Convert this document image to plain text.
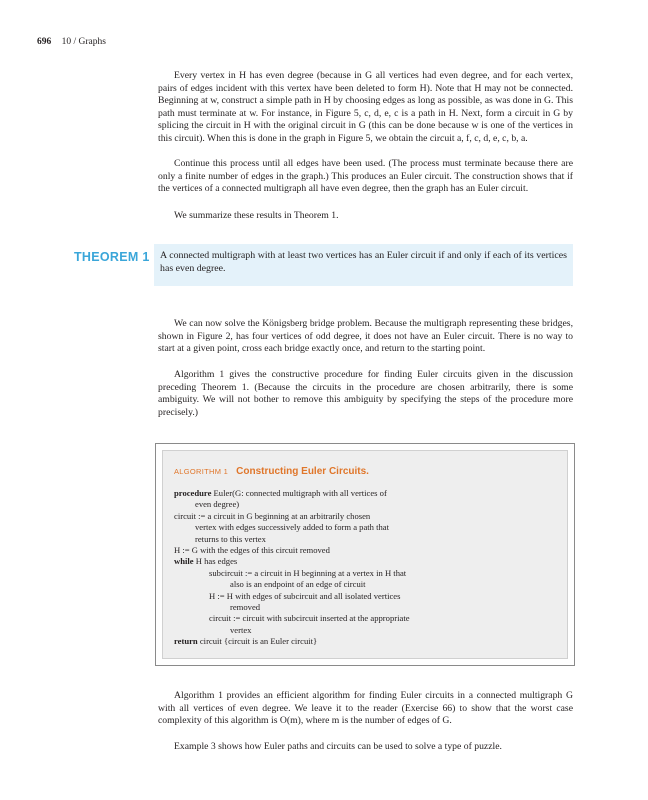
696 10 / Graphs

Every vertex in H has even degree (because in G all vertices had even degree, and for each vertex, pairs of edges incident with this vertex have been deleted to form H). Note that H may not be connected. Beginning at w, construct a simple path in H by choosing edges as long as possible, as was done in G. This path must terminate at w. For instance, in Figure 5, c, d, e, c is a path in H. Next, form a circuit in G by splicing the circuit in H with the original circuit in G (this can be done because w is one of the vertices in this circuit). When this is done in the graph in Figure 5, we obtain the circuit a, f, c, d, e, c, b, a.

Continue this process until all edges have been used. (The process must terminate because there are only a finite number of edges in the graph.) This produces an Euler circuit. The construction shows that if the vertices of a connected multigraph all have even degree, then the graph has an Euler circuit.

We summarize these results in Theorem 1.

THEOREM 1	A connected multigraph with at least two vertices has an Euler circuit if and only if each of its vertices has even degree.

We can now solve the Königsberg bridge problem. Because the multigraph representing these bridges, shown in Figure 2, has four vertices of odd degree, it does not have an Euler circuit. There is no way to start at a given point, cross each bridge exactly once, and return to the starting point.

Algorithm 1 gives the constructive procedure for finding Euler circuits given in the discussion preceding Theorem 1. (Because the circuits in the procedure are chosen arbitrarily, there is some ambiguity. We will not bother to remove this ambiguity by specifying the steps of the procedure more precisely.)

ALGORITHM 1 Constructing Euler Circuits.
procedure Euler(G: connected multigraph with all vertices of
even degree)
circuit := a circuit in G beginning at an arbitrarily chosen
vertex with edges successively added to form a path that
returns to this vertex
H := G with the edges of this circuit removed
while H has edges
subcircuit := a circuit in H beginning at a vertex in H that
also is an endpoint of an edge of circuit
H := H with edges of subcircuit and all isolated vertices
removed
circuit := circuit with subcircuit inserted at the appropriate
vertex
return circuit {circuit is an Euler circuit}

Algorithm 1 provides an efficient algorithm for finding Euler circuits in a connected multigraph G with all vertices of even degree. We leave it to the reader (Exercise 66) to show that the worst case complexity of this algorithm is O(m), where m is the number of edges of G.

Example 3 shows how Euler paths and circuits can be used to solve a type of puzzle.
